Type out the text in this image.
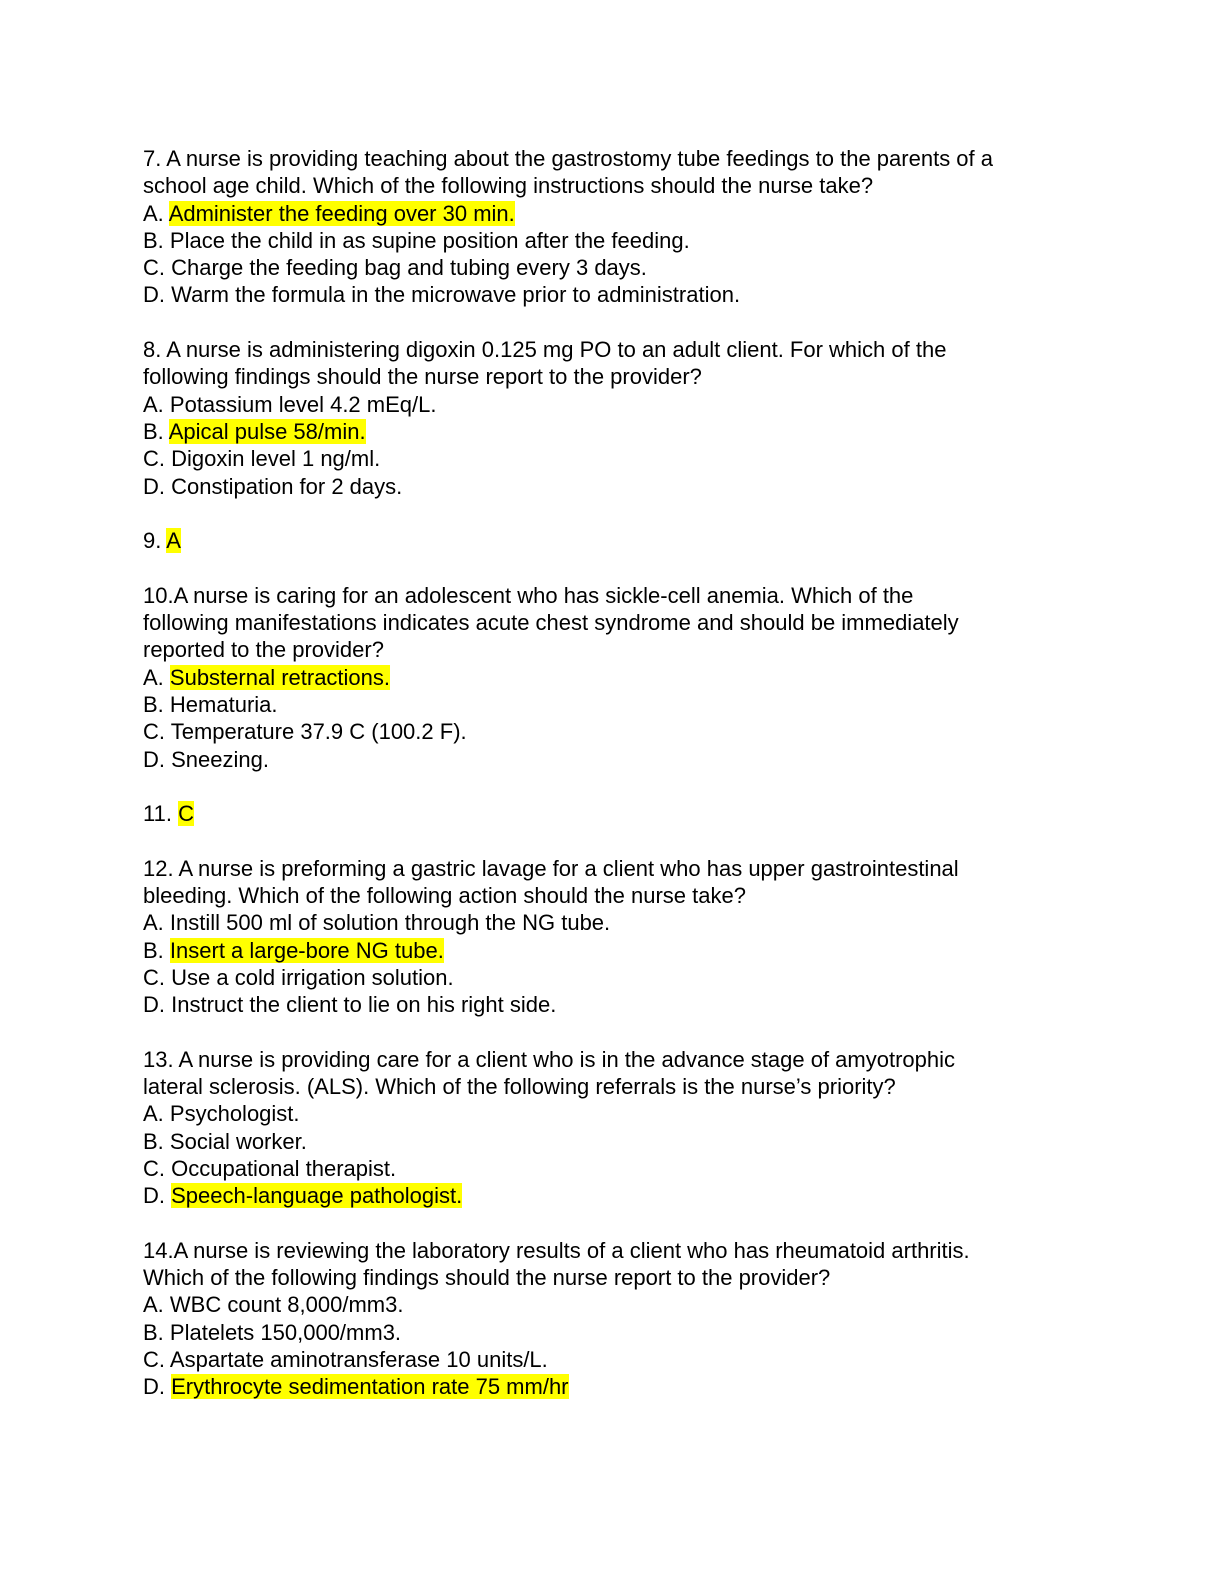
7. A nurse is providing teaching about the gastrostomy tube feedings to the parents of a
school age child. Which of the following instructions should the nurse take?
A. Administer the feeding over 30 min.
B. Place the child in as supine position after the feeding.
C. Charge the feeding bag and tubing every 3 days.
D. Warm the formula in the microwave prior to administration.
8. A nurse is administering digoxin 0.125 mg PO to an adult client. For which of the
following findings should the nurse report to the provider?
A. Potassium level 4.2 mEq/L.
B. Apical pulse 58/min.
C. Digoxin level 1 ng/ml.
D. Constipation for 2 days.
9. A
10.A nurse is caring for an adolescent who has sickle-cell anemia. Which of the
following manifestations indicates acute chest syndrome and should be immediately
reported to the provider?
A. Substernal retractions.
B. Hematuria.
C. Temperature 37.9 C (100.2 F).
D. Sneezing.
11. C
12. A nurse is preforming a gastric lavage for a client who has upper gastrointestinal
bleeding. Which of the following action should the nurse take?
A. Instill 500 ml of solution through the NG tube.
B. Insert a large-bore NG tube.
C. Use a cold irrigation solution.
D. Instruct the client to lie on his right side.
13. A nurse is providing care for a client who is in the advance stage of amyotrophic
lateral sclerosis. (ALS). Which of the following referrals is the nurse’s priority?
A. Psychologist.
B. Social worker.
C. Occupational therapist.
D. Speech-language pathologist.
14.A nurse is reviewing the laboratory results of a client who has rheumatoid arthritis.
Which of the following findings should the nurse report to the provider?
A. WBC count 8,000/mm3.
B. Platelets 150,000/mm3.
C. Aspartate aminotransferase 10 units/L.
D. Erythrocyte sedimentation rate 75 mm/hr
